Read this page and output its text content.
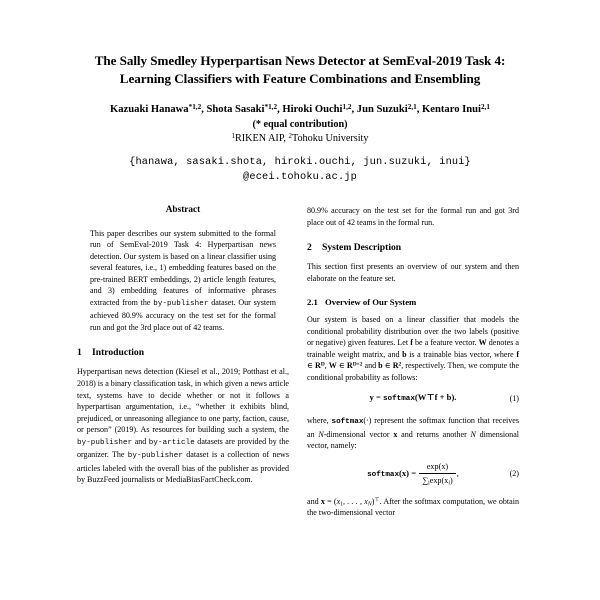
The Sally Smedley Hyperpartisan News Detector at SemEval-2019 Task 4:
Learning Classifiers with Feature Combinations and Ensembling
Kazuaki Hanawa$^{*1,2}$, Shota Sasaki$^{*1,2}$, Hiroki Ouchi$^{1,2}$, Jun Suzuki$^{2,1}$, Kentaro Inui$^{2,1}$
(* equal contribution)
$^1$RIKEN AIP, $^2$Tohoku University
{hanawa, sasaki.shota, hiroki.ouchi, jun.suzuki, inui}
@ecei.tohoku.ac.jp
Abstract

This paper describes our system submitted to the formal run of SemEval-2019 Task 4: Hyperpartisan news detection. Our system is based on a linear classifier using several features, i.e., 1) embedding features based on the pre-trained BERT embeddings, 2) article length features, and 3) embedding features of informative phrases extracted from the by-publisher dataset. Our system achieved 80.9% accuracy on the test set for the formal run and got the 3rd place out of 42 teams.

1 Introduction

Hyperpartisan news detection (Kiesel et al., 2019; Potthast et al., 2018) is a binary classification task, in which given a news article text, systems have to decide whether or not it follows a hyperpartisan argumentation, i.e., “whether it exhibits blind, prejudiced, or unreasoning allegiance to one party, faction, cause, or person” (2019). As resources for building such a system, the by-publisher and by-article datasets are provided by the organizer. The by-publisher dataset is a collection of news articles labeled with the overall bias of the publisher as provided by BuzzFeed journalists or MediaBiasFactCheck.com.

80.9% accuracy on the test set for the formal run and got 3rd place out of 42 teams in the formal run.

2 System Description

This section first presents an overview of our system and then elaborate on the feature set.

2.1 Overview of Our System

Our system is based on a linear classifier that models the conditional probability distribution over the two labels (positive or negative) given features. Let f be a feature vector. W denotes a trainable weight matrix, and b is a trainable bias vector, where f ∈ $R^D$, W ∈ $R^{D\times 2}$ and b ∈ $R^2$, respectively. Then, we compute the conditional probability as follows:

y = softmax(W⊤f + b).	(1)

where, softmax(·) represent the softmax function that receives an N-dimensional vector x and returns another N dimensional vector, namely:

softmax(x) = $\frac{\exp(x)}{\sum_i\exp(x_i)}$ ,	(2)

and $x = (x_1$, . . . , $x_N)^⊤$. After the softmax computation, we obtain the two-dimensional vector
